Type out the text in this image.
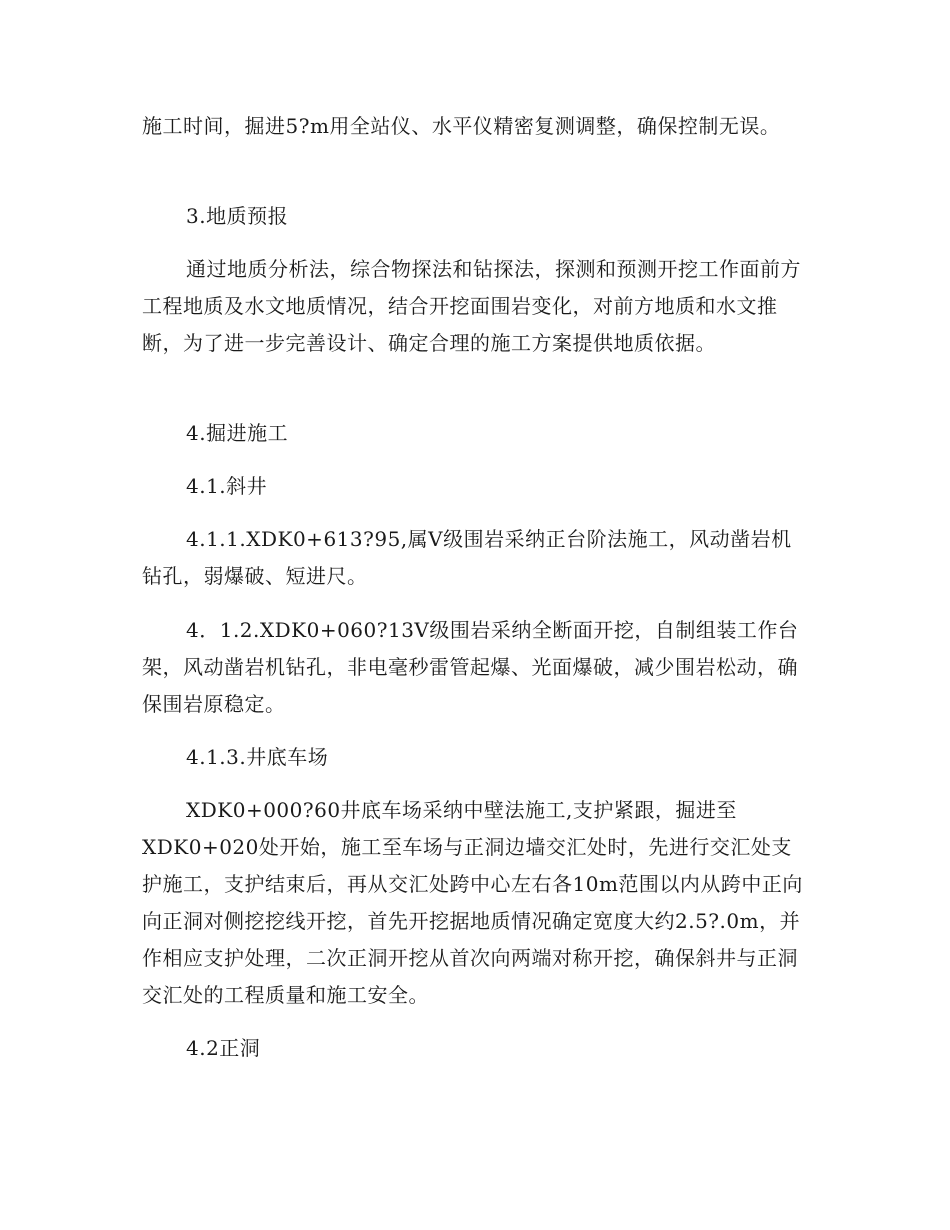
施工时间，掘进5?m用全站仪、水平仪精密复测调整，确保控制无误。

3.地质预报

通过地质分析法，综合物探法和钻探法，探测和预测开挖工作面前方工程地质及水文地质情况，结合开挖面围岩变化，对前方地质和水文推断，为了进一步完善设计、确定合理的施工方案提供地质依据。

4.掘进施工

4.1.斜井

4.1.1.XDK0+613?95,属Ⅴ级围岩采纳正台阶法施工，风动凿岩机钻孔，弱爆破、短进尺。

4．1.2.XDK0+060?13Ⅴ级围岩采纳全断面开挖，自制组装工作台架，风动凿岩机钻孔，非电毫秒雷管起爆、光面爆破，减少围岩松动，确保围岩原稳定。

4.1.3.井底车场

XDK0+000?60井底车场采纳中壁法施工,支护紧跟，掘进至XDK0+020处开始，施工至车场与正洞边墙交汇处时，先进行交汇处支护施工，支护结束后，再从交汇处跨中心左右各10m范围以内从跨中正向向正洞对侧挖挖线开挖，首先开挖据地质情况确定宽度大约2.5?.0m，并作相应支护处理，二次正洞开挖从首次向两端对称开挖，确保斜井与正洞交汇处的工程质量和施工安全。

4.2正洞
